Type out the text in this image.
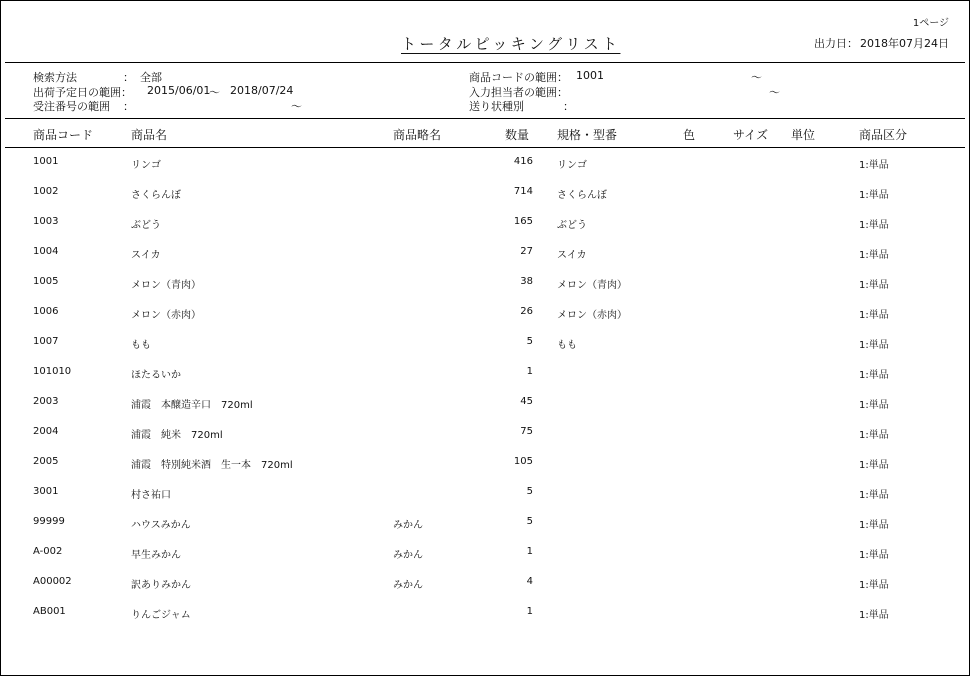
1ページ
トータルピッキングリスト	出力日： 2018年07月24日
検索方法	： 全部
出荷予定日の範囲： 2015/06/01
～ 2018/07/24
受注番号の範囲 ：	～
商品コードの範囲： 1001	～
入力担当者の範囲：	～
送り状種別	：
商品コード	商品名	商品略名	数量 規格・型番	色	サイズ 単位	商品区分
1001	リンゴ	416 リンゴ	1:単品
1002	さくらんぼ	714 さくらんぼ	1:単品
1003	ぶどう	165 ぶどう	1:単品
1004	スイカ	27 スイカ	1:単品
1005	メロン（青肉）	38 メロン（青肉）	1:単品
1006	メロン（赤肉）	26 メロン（赤肉）	1:単品
1007	もも	5 もも	1:単品
101010	ほたるいか	1	1:単品
2003	浦霞　本醸造辛口　720ml	45	1:単品
2004	浦霞　純米　720ml	75	1:単品
2005	浦霞　特別純米酒　生一本　720ml	105	1:単品
3001	村さ祐口	5	1:単品
99999	ハウスみかん	みかん	5	1:単品
A-002	早生みかん	みかん	1	1:単品
A00002	訳ありみかん	みかん	4	1:単品
AB001	りんごジャム	1	1:単品
